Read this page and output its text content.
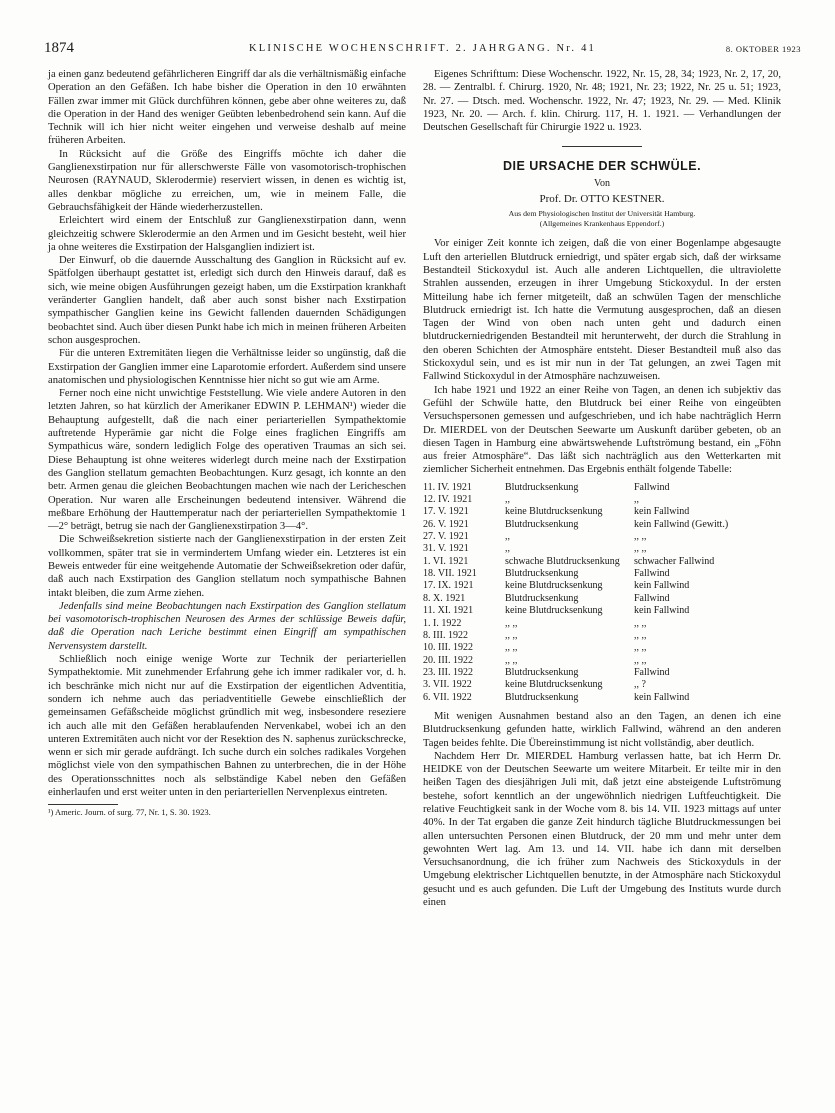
1874	KLINISCHE WOCHENSCHRIFT. 2. JAHRGANG. Nr. 41	8. OKTOBER 1923

ja einen ganz bedeutend gefährlicheren Eingriff dar als die verhältnismäßig einfache Operation an den Gefäßen. Ich habe bisher die Operation in den 10 erwähnten Fällen zwar immer mit Glück durchführen können, gebe aber ohne weiteres zu, daß die Operation in der Hand des weniger Geübten lebenbedrohend sein kann. Auf die Technik will ich hier nicht weiter eingehen und verweise deshalb auf meine früheren Arbeiten.

In Rücksicht auf die Größe des Eingriffs möchte ich daher die Ganglienexstirpation nur für allerschwerste Fälle von vasomotorisch-trophischen Neurosen (RAYNAUD, Sklerodermie) reserviert wissen, in denen es wichtig ist, alles denkbar mögliche zu erreichen, um, wie in meinem Falle, die Gebrauchsfähigkeit der Hände wiederherzustellen.

Erleichtert wird einem der Entschluß zur Ganglienexstirpation dann, wenn gleichzeitig schwere Sklerodermie an den Armen und im Gesicht besteht, weil hier ja ohne weiteres die Exstirpation der Halsganglien indiziert ist.

Der Einwurf, ob die dauernde Ausschaltung des Ganglion in Rücksicht auf ev. Spätfolgen überhaupt gestattet ist, erledigt sich durch den Hinweis darauf, daß es sich, wie meine obigen Ausführungen gezeigt haben, um die Exstirpation krankhaft veränderter Ganglien handelt, daß aber auch sonst bisher nach Exstirpation sympathischer Ganglien keine ins Gewicht fallenden dauernden Schädigungen beobachtet sind. Auch über diesen Punkt habe ich mich in meinen früheren Arbeiten schon ausgesprochen.

Für die unteren Extremitäten liegen die Verhältnisse leider so ungünstig, daß die Exstirpation der Ganglien immer eine Laparotomie erfordert. Außerdem sind unsere anatomischen und physiologischen Kenntnisse hier nicht so gut wie am Arme.

Ferner noch eine nicht unwichtige Feststellung. Wie viele andere Autoren in den letzten Jahren, so hat kürzlich der Amerikaner EDWIN P. LEHMAN¹) wieder die Behauptung aufgestellt, daß die nach einer periarteriellen Sympathektomie auftretende Hyperämie gar nicht die Folge eines fraglichen Eingriffs am Sympathicus wäre, sondern lediglich Folge des operativen Traumas an sich sei. Diese Behauptung ist ohne weiteres widerlegt durch meine nach der Exstirpation des Ganglion stellatum gemachten Beobachtungen. Kurz gesagt, ich konnte an den betr. Armen genau die gleichen Beobachtungen machen wie nach der Lericheschen Operation. Nur waren alle Erscheinungen bedeutend intensiver. Während die meßbare Erhöhung der Hauttemperatur nach der periarteriellen Sympathektomie 1—2° beträgt, betrug sie nach der Ganglienexstirpation 3—4°.

Die Schweißsekretion sistierte nach der Ganglienexstirpation in der ersten Zeit vollkommen, später trat sie in vermindertem Umfang wieder ein. Letzteres ist ein Beweis entweder für eine weitgehende Automatie der Schweißsekretion oder dafür, daß auch nach Exstirpation des Ganglion stellatum noch sympathische Bahnen intakt bleiben, die zum Arme ziehen.

Jedenfalls sind meine Beobachtungen nach Exstirpation des Ganglion stellatum bei vasomotorisch-trophischen Neurosen des Armes der schlüssige Beweis dafür, daß die Operation nach Leriche bestimmt einen Eingriff am sympathischen Nervensystem darstellt.

Schließlich noch einige wenige Worte zur Technik der periarteriellen Sympathektomie. Mit zunehmender Erfahrung gehe ich immer radikaler vor, d. h. ich beschränke mich nicht nur auf die Exstirpation der eigentlichen Adventitia, sondern ich nehme auch das periadventitielle Gewebe einschließlich der gemeinsamen Gefäßscheide möglichst gründlich mit weg, insbesondere reseziere ich auch alle mit den Gefäßen herablaufenden Nervenkabel, wobei ich an den unteren Extremitäten auch nicht vor der Resektion des N. saphenus zurückschrecke, wenn er sich mir gerade aufdrängt. Ich suche durch ein solches radikales Vorgehen möglichst viele von den sympathischen Bahnen zu unterbrechen, die in der Höhe des Operationsschnittes noch als selbständige Kabel neben den Gefäßen einherlaufen und erst weiter unten in den periarteriellen Nervenplexus eintreten.

¹) Americ. Journ. of surg. 77, Nr. 1, S. 30. 1923.

Eigenes Schrifttum: Diese Wochenschr. 1922, Nr. 15, 28, 34; 1923, Nr. 2, 17, 20, 28. — Zentralbl. f. Chirurg. 1920, Nr. 48; 1921, Nr. 23; 1922, Nr. 25 u. 51; 1923, Nr. 27. — Dtsch. med. Wochenschr. 1922, Nr. 47; 1923, Nr. 29. — Med. Klinik 1923, Nr. 20. — Arch. f. klin. Chirurg. 117, H. 1. 1921. — Verhandlungen der Deutschen Gesellschaft für Chirurgie 1922 u. 1923.

DIE URSACHE DER SCHWÜLE.
Von
Prof. Dr. OTTO KESTNER.
Aus dem Physiologischen Institut der Universität Hamburg.
(Allgemeines Krankenhaus Eppendorf.)

Vor einiger Zeit konnte ich zeigen, daß die von einer Bogenlampe abgesaugte Luft den arteriellen Blutdruck erniedrigt, und später ergab sich, daß der wirksame Bestandteil Stickoxydul ist. Auch alle anderen Lichtquellen, die ultraviolette Strahlen aussenden, erzeugen in ihrer Umgebung Stickoxydul. In der ersten Mitteilung habe ich ferner mitgeteilt, daß an schwülen Tagen der menschliche Blutdruck erniedrigt ist. Ich hatte die Vermutung ausgesprochen, daß an diesen Tagen der Wind von oben nach unten geht und dadurch einen blutdruckerniedrigenden Bestandteil mit herunterweht, der durch die Strahlung in den oberen Schichten der Atmosphäre entsteht. Dieser Bestandteil muß also das Stickoxydul sein, und es ist mir nun in der Tat gelungen, an zwei Tagen mit Fallwind Stickoxydul in der Atmosphäre nachzuweisen.

Ich habe 1921 und 1922 an einer Reihe von Tagen, an denen ich subjektiv das Gefühl der Schwüle hatte, den Blutdruck bei einer Reihe von eingeübten Versuchspersonen gemessen und aufgeschrieben, und ich habe nachträglich Herrn Dr. MIERDEL von der Deutschen Seewarte um Auskunft darüber gebeten, ob an diesen Tagen in Hamburg eine abwärtswehende Luftströmung bestand, ein „Föhn aus freier Atmosphäre“. Das läßt sich nachträglich aus den Wetterkarten mit ziemlicher Sicherheit entnehmen. Das Ergebnis enthält folgende Tabelle:

11. IV. 1921	Blutdrucksenkung	Fallwind
12. IV. 1921	,,	,,
17. V. 1921	keine Blutdrucksenkung	kein Fallwind
26. V. 1921	Blutdrucksenkung	kein Fallwind (Gewitt.)
27. V. 1921	,,	,, ,,
31. V. 1921	,,	,, ,,
1. VI. 1921	schwache Blutdrucksenkung	schwacher Fallwind
18. VII. 1921	Blutdrucksenkung	Fallwind
17. IX. 1921	keine Blutdrucksenkung	kein Fallwind
8. X. 1921	Blutdrucksenkung	Fallwind
11. XI. 1921	keine Blutdrucksenkung	kein Fallwind
1. I. 1922	,, ,,	,, ,,
8. III. 1922	,, ,,	,, ,,
10. III. 1922	,, ,,	,, ,,
20. III. 1922	,, ,,	,, ,,
23. III. 1922	Blutdrucksenkung	Fallwind
3. VII. 1922	keine Blutdrucksenkung	,, ?
6. VII. 1922	Blutdrucksenkung	kein Fallwind

Mit wenigen Ausnahmen bestand also an den Tagen, an denen ich eine Blutdrucksenkung gefunden hatte, wirklich Fallwind, während an den anderen Tagen beides fehlte. Die Übereinstimmung ist nicht vollständig, aber deutlich.

Nachdem Herr Dr. MIERDEL Hamburg verlassen hatte, bat ich Herrn Dr. HEIDKE von der Deutschen Seewarte um weitere Mitarbeit. Er teilte mir in den heißen Tagen des diesjährigen Juli mit, daß jetzt eine absteigende Luftströmung bestehe, sofort kenntlich an der ungewöhnlich niedrigen Luftfeuchtigkeit. Die relative Feuchtigkeit sank in der Woche vom 8. bis 14. VII. 1923 mittags auf unter 40%. In der Tat ergaben die ganze Zeit hindurch tägliche Blutdruckmessungen bei allen untersuchten Personen einen Blutdruck, der 20 mm und mehr unter dem gewohnten Wert lag. Am 13. und 14. VII. habe ich dann mit derselben Versuchsanordnung, die ich früher zum Nachweis des Stickoxyduls in der Umgebung elektrischer Lichtquellen benutzte, in der Atmosphäre nach Stickoxydul gesucht und es auch gefunden. Die Luft der Umgebung des Instituts wurde durch einen
